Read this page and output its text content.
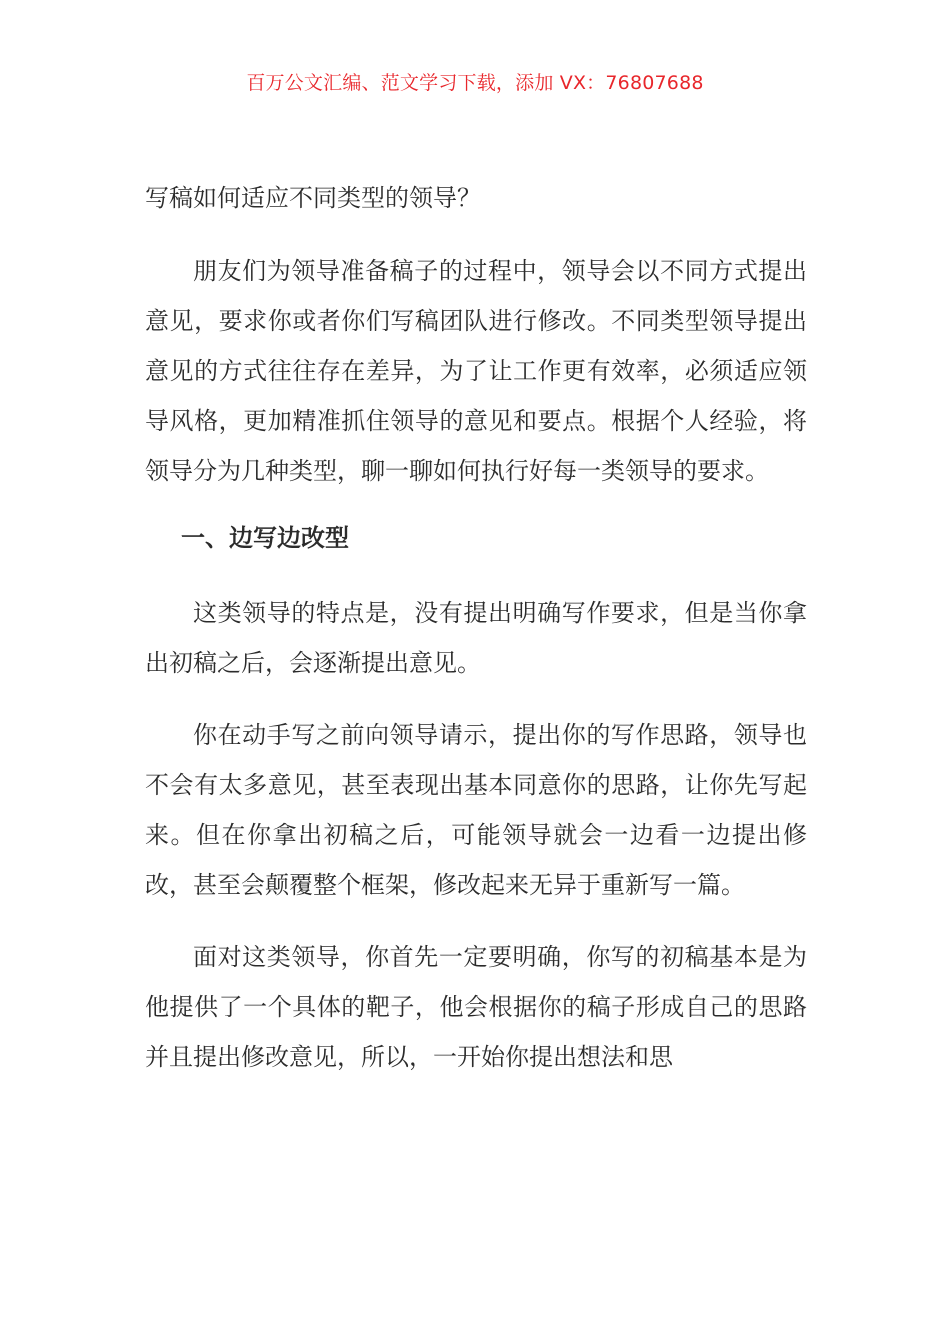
百万公文汇编、范文学习下载，添加 VX：76807688
写稿如何适应不同类型的领导？

朋友们为领导准备稿子的过程中，领导会以不同方式提出意见，要求你或者你们写稿团队进行修改。不同类型领导提出意见的方式往往存在差异，为了让工作更有效率，必须适应领导风格，更加精准抓住领导的意见和要点。根据个人经验，将领导分为几种类型，聊一聊如何执行好每一类领导的要求。

一、边写边改型

这类领导的特点是，没有提出明确写作要求，但是当你拿出初稿之后，会逐渐提出意见。

你在动手写之前向领导请示，提出你的写作思路，领导也不会有太多意见，甚至表现出基本同意你的思路，让你先写起来。但在你拿出初稿之后，可能领导就会一边看一边提出修改，甚至会颠覆整个框架，修改起来无异于重新写一篇。

面对这类领导，你首先一定要明确，你写的初稿基本是为他提供了一个具体的靶子，他会根据你的稿子形成自己的思路并且提出修改意见，所以，一开始你提出想法和思
